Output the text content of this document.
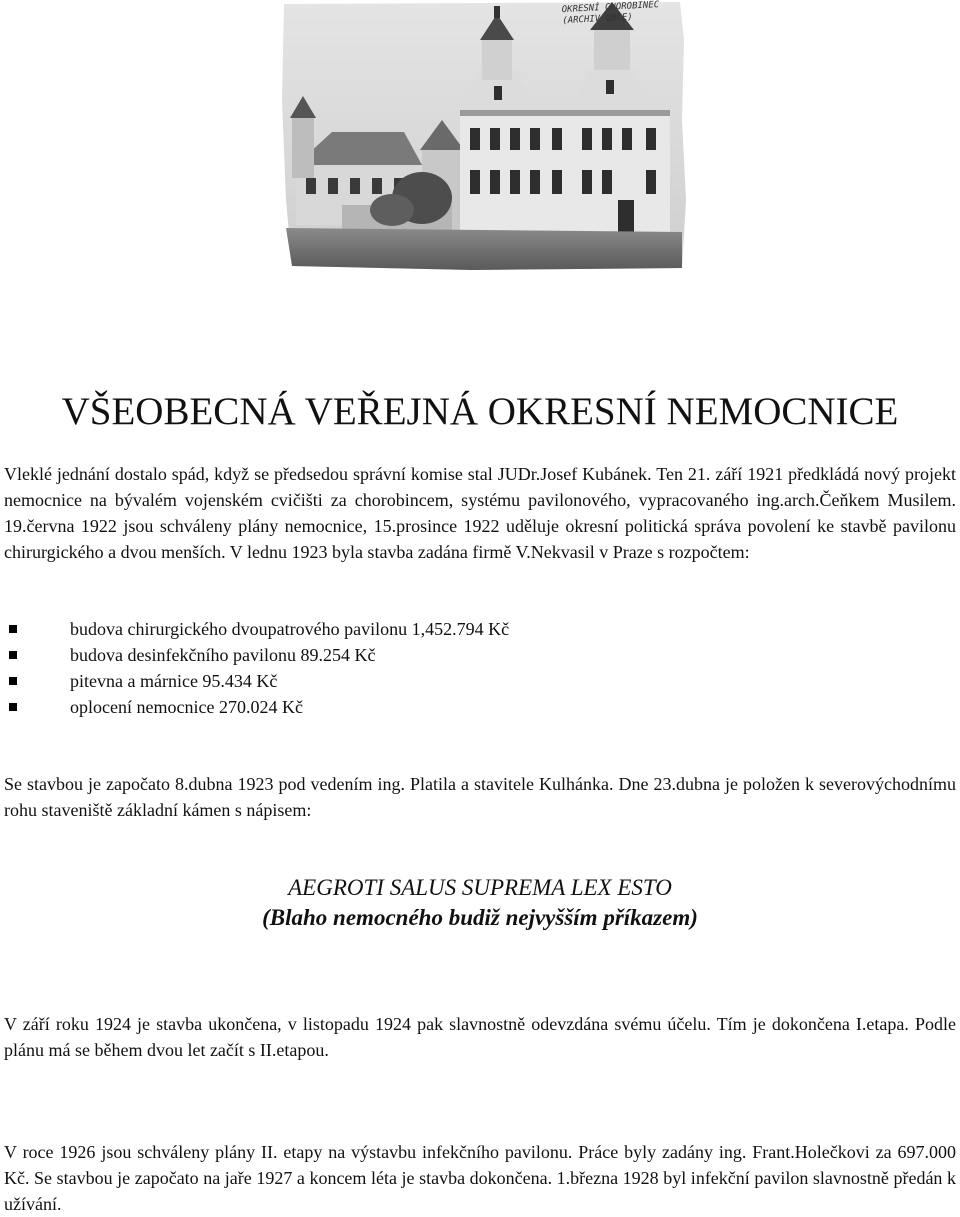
OKRESNÍ CHOROBINEC (ARCHIV OBCE)
VŠEOBECNÁ VEŘEJNÁ OKRESNÍ NEMOCNICE

Vleklé jednání dostalo spád, když se předsedou správní komise stal JUDr.Josef Kubánek. Ten 21. září 1921 předkládá nový projekt nemocnice na bývalém vojenském cvičišti za chorobincem, systému pavilonového, vypracovaného ing.arch.Čeňkem Musilem. 19.června 1922 jsou schváleny plány nemocnice, 15.prosince 1922 uděluje okresní politická správa povolení ke stavbě pavilonu chirurgického a dvou menších. V lednu 1923 byla stavba zadána firmě V.Nekvasil v Praze s rozpočtem:

budova chirurgického dvoupatrového pavilonu 1,452.794 Kč
budova desinfekčního pavilonu 89.254 Kč
pitevna a márnice 95.434 Kč
oplocení nemocnice 270.024 Kč

Se stavbou je započato 8.dubna 1923 pod vedením ing. Platila a stavitele Kulhánka. Dne 23.dubna je položen k severovýchodnímu rohu staveniště základní kámen s nápisem:

AEGROTI SALUS SUPREMA LEX ESTO
(Blaho nemocného budiž nejvyšším příkazem)

V září roku 1924 je stavba ukončena, v listopadu 1924 pak slavnostně odevzdána svému účelu. Tím je dokončena I.etapa. Podle plánu má se během dvou let začít s II.etapou.

V roce 1926 jsou schváleny plány II. etapy na výstavbu infekčního pavilonu. Práce byly zadány ing. Frant.Holečkovi za 697.000 Kč. Se stavbou je započato na jaře 1927 a koncem léta je stavba dokončena. 1.března 1928 byl infekční pavilon slavnostně předán k užívání.
